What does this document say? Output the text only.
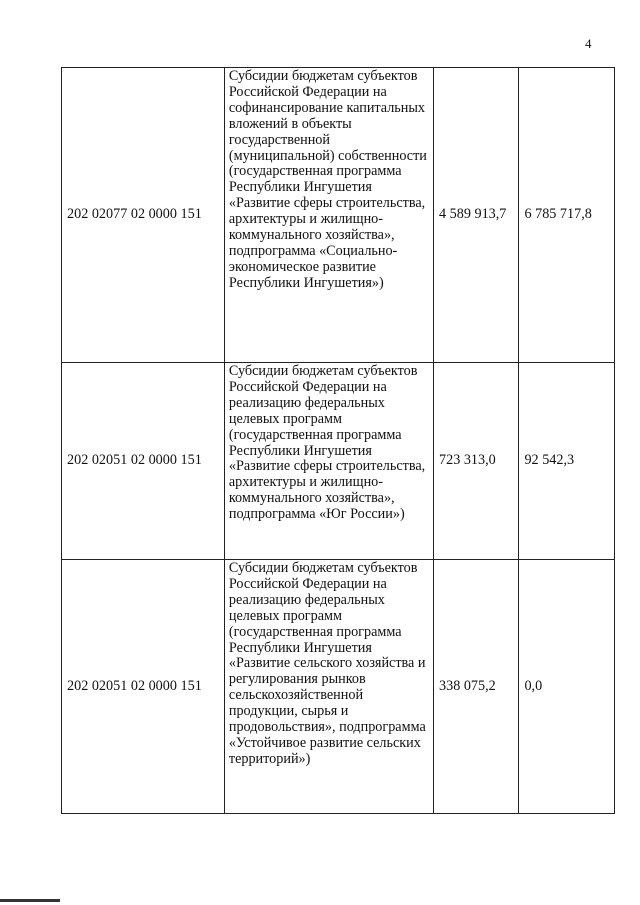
4
202 02077 02 0000 151	Субсидии бюджетам субъектов Российской Федерации на софинансирование капитальных вложений в объекты государственной (муниципальной) собственности (государственная программа Республики Ингушетия «Развитие сферы строительства, архитектуры и жилищно-коммунального хозяйства», подпрограмма «Социально-экономическое развитие Республики Ингушетия»)	4 589 913,7	6 785 717,8
202 02051 02 0000 151	Субсидии бюджетам субъектов Российской Федерации на реализацию федеральных целевых программ (государственная программа Республики Ингушетия «Развитие сферы строительства, архитектуры и жилищно-коммунального хозяйства», подпрограмма «Юг России»)	723 313,0	92 542,3
202 02051 02 0000 151	Субсидии бюджетам субъектов Российской Федерации на реализацию федеральных целевых программ (государственная программа Республики Ингушетия «Развитие сельского хозяйства и регулирования рынков сельскохозяйственной продукции, сырья и продовольствия», подпрограмма «Устойчивое развитие сельских территорий»)	338 075,2	0,0
